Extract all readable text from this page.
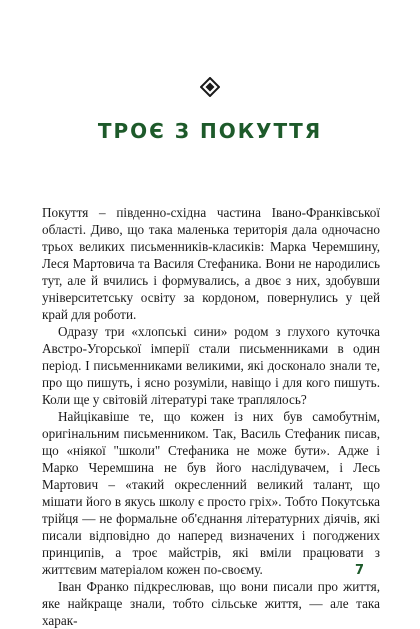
ТРОЄ З ПОКУТТЯ

Покуття – південно-східна частина Івано-Франківської області. Диво, що така маленька територія дала одночасно трьох великих письменників-класиків: Марка Черемшину, Леся Мартовича та Василя Стефаника. Вони не народились тут, але й вчились і формувались, а двоє з них, здобувши університетську освіту за кордоном, повернулись у цей край для роботи.

Одразу три «хлопські сини» родом з глухого куточка Австро-Угорської імперії стали письменниками в один період. І письменниками великими, які досконало знали те, про що пишуть, і ясно розуміли, навіщо і для кого пишуть. Коли ще у світовій літературі таке траплялось?

Найцікавіше те, що кожен із них був самобутнім, оригінальним письменником. Так, Василь Стефаник писав, що «ніякої "школи" Стефаника не може бути». Адже і Марко Черемшина не був його наслідувачем, і Лесь Мартович – «такий окресленний великий талант, що мішати його в якусь школу є просто гріх». Тобто Покутська трійця — не формальне об'єднання літературних діячів, які писали відповідно до наперед визначених і погоджених принципів, а троє майстрів, які вміли працювати з життєвим матеріалом кожен по-своєму.

Іван Франко підкреслював, що вони писали про життя, яке найкраще знали, тобто сільське життя, — але така харак-

7
